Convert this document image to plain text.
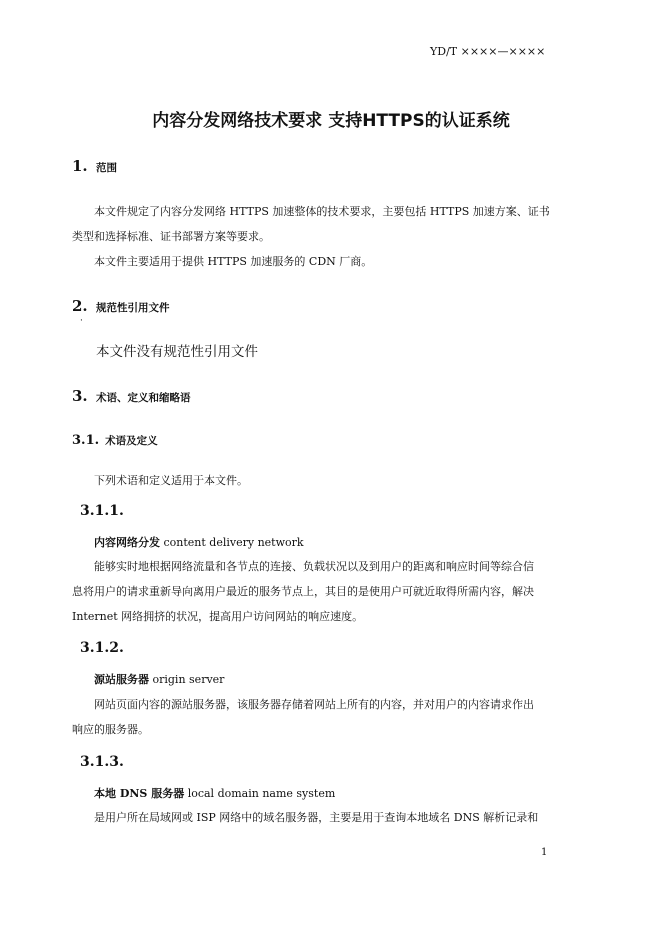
YD/T ××××—××××
内容分发网络技术要求 支持HTTPS的认证系统
1. 范围
本文件规定了内容分发网络 HTTPS 加速整体的技术要求，主要包括 HTTPS 加速方案、证书
类型和选择标准、证书部署方案等要求。
本文件主要适用于提供 HTTPS 加速服务的 CDN 厂商。
2. 规范性引用文件
·
本文件没有规范性引用文件
3. 术语、定义和缩略语
3.1. 术语及定义
下列术语和定义适用于本文件。
3.1.1.
内容网络分发 content delivery network
能够实时地根据网络流量和各节点的连接、负载状况以及到用户的距离和响应时间等综合信
息将用户的请求重新导向离用户最近的服务节点上，其目的是使用户可就近取得所需内容，解决
Internet 网络拥挤的状况，提高用户访问网站的响应速度。
3.1.2.
源站服务器 origin server
网站页面内容的源站服务器，该服务器存储着网站上所有的内容，并对用户的内容请求作出
响应的服务器。
3.1.3.
本地 DNS 服务器 local domain name system
是用户所在局域网或 ISP 网络中的域名服务器，主要是用于查询本地域名 DNS 解析记录和
1
